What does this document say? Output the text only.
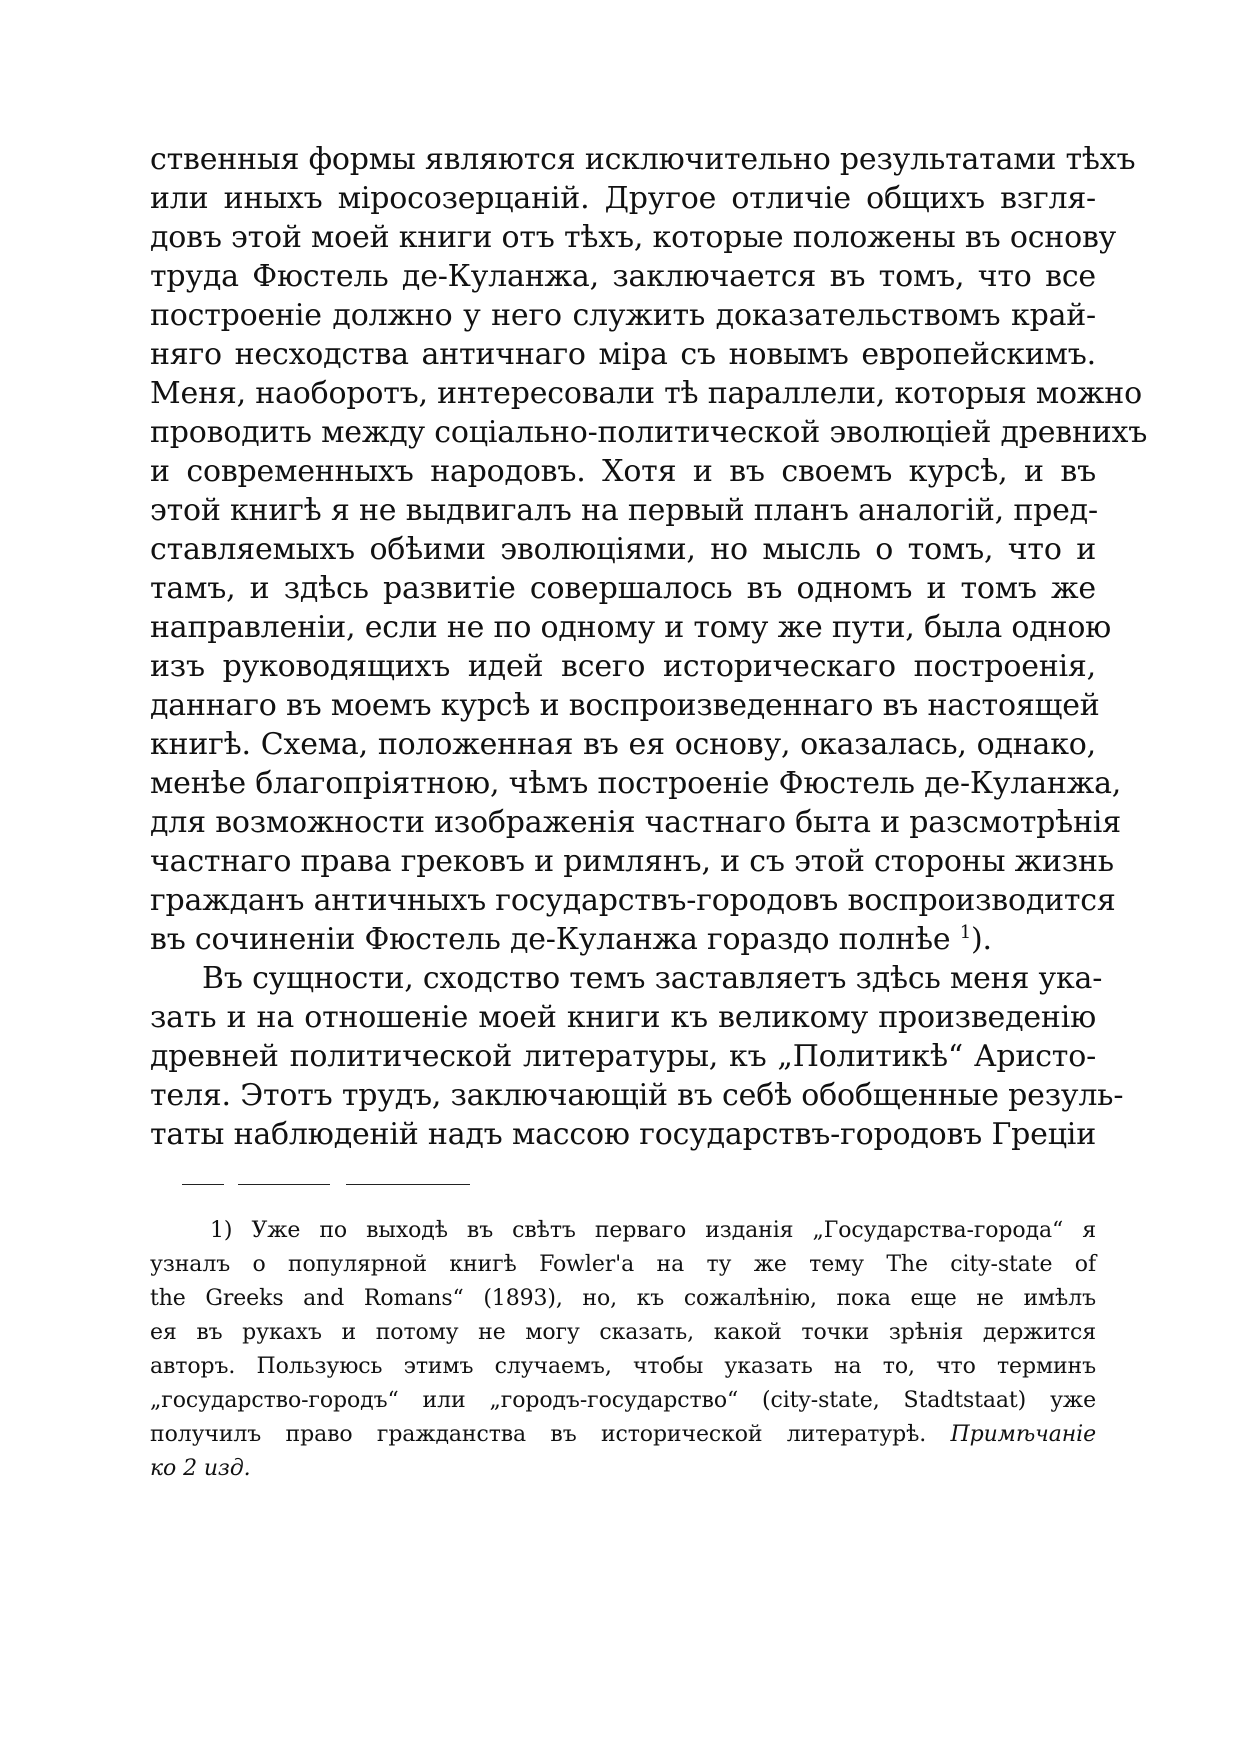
ственныя формы являются исключительно результатами тѣхъ
или иныхъ міросозерцаній. Другое отличіе общихъ взгля-
довъ этой моей книги отъ тѣхъ, которые положены въ основу
труда Фюстель де-Куланжа, заключается въ томъ, что все
построеніе должно у него служить доказательствомъ край-
няго несходства античнаго міра съ новымъ европейскимъ.
Меня, наоборотъ, интересовали тѣ параллели, которыя можно
проводить между соціально-политической эволюціей древнихъ
и современныхъ народовъ. Хотя и въ своемъ курсѣ, и въ
этой книгѣ я не выдвигалъ на первый планъ аналогій, пред-
ставляемыхъ обѣими эволюціями, но мысль о томъ, что и
тамъ, и здѣсь развитіе совершалось въ одномъ и томъ же
направленіи, если не по одному и тому же пути, была одною
изъ руководящихъ идей всего историческаго построенія,
даннаго въ моемъ курсѣ и воспроизведеннаго въ настоящей
книгѣ. Схема, положенная въ ея основу, оказалась, однако,
менѣе благопріятною, чѣмъ построеніе Фюстель де-Куланжа,
для возможности изображенія частнаго быта и разсмотрѣнія
частнаго права грековъ и римлянъ, и съ этой стороны жизнь
гражданъ античныхъ государствъ-городовъ воспроизводится
въ сочиненіи Фюстель де-Куланжа гораздо полнѣе $^1$).
Въ сущности, сходство темъ заставляетъ здѣсь меня ука-
зать и на отношеніе моей книги къ великому произведенію
древней политической литературы, къ „Политикѣ“ Аристо-
теля. Этотъ трудъ, заключающій въ себѣ обобщенные резуль-
таты наблюденій надъ массою государствъ-городовъ Греціи
1) Уже по выходѣ въ свѣтъ перваго изданія „Государства-города“ я
узналъ о популярной книгѣ Fowler'a на ту же тему The city-state of
the Greeks and Romans“ (1893), но, къ сожалѣнію, пока еще не имѣлъ
ея въ рукахъ и потому не могу сказать, какой точки зрѣнія держится
авторъ. Пользуюсь этимъ случаемъ, чтобы указать на то, что терминъ
„государство-городъ“ или „городъ-государство“ (city-state, Stadtstaat) уже
получилъ право гражданства въ исторической литературѣ. Примѣчаніе
ко 2 изд.
